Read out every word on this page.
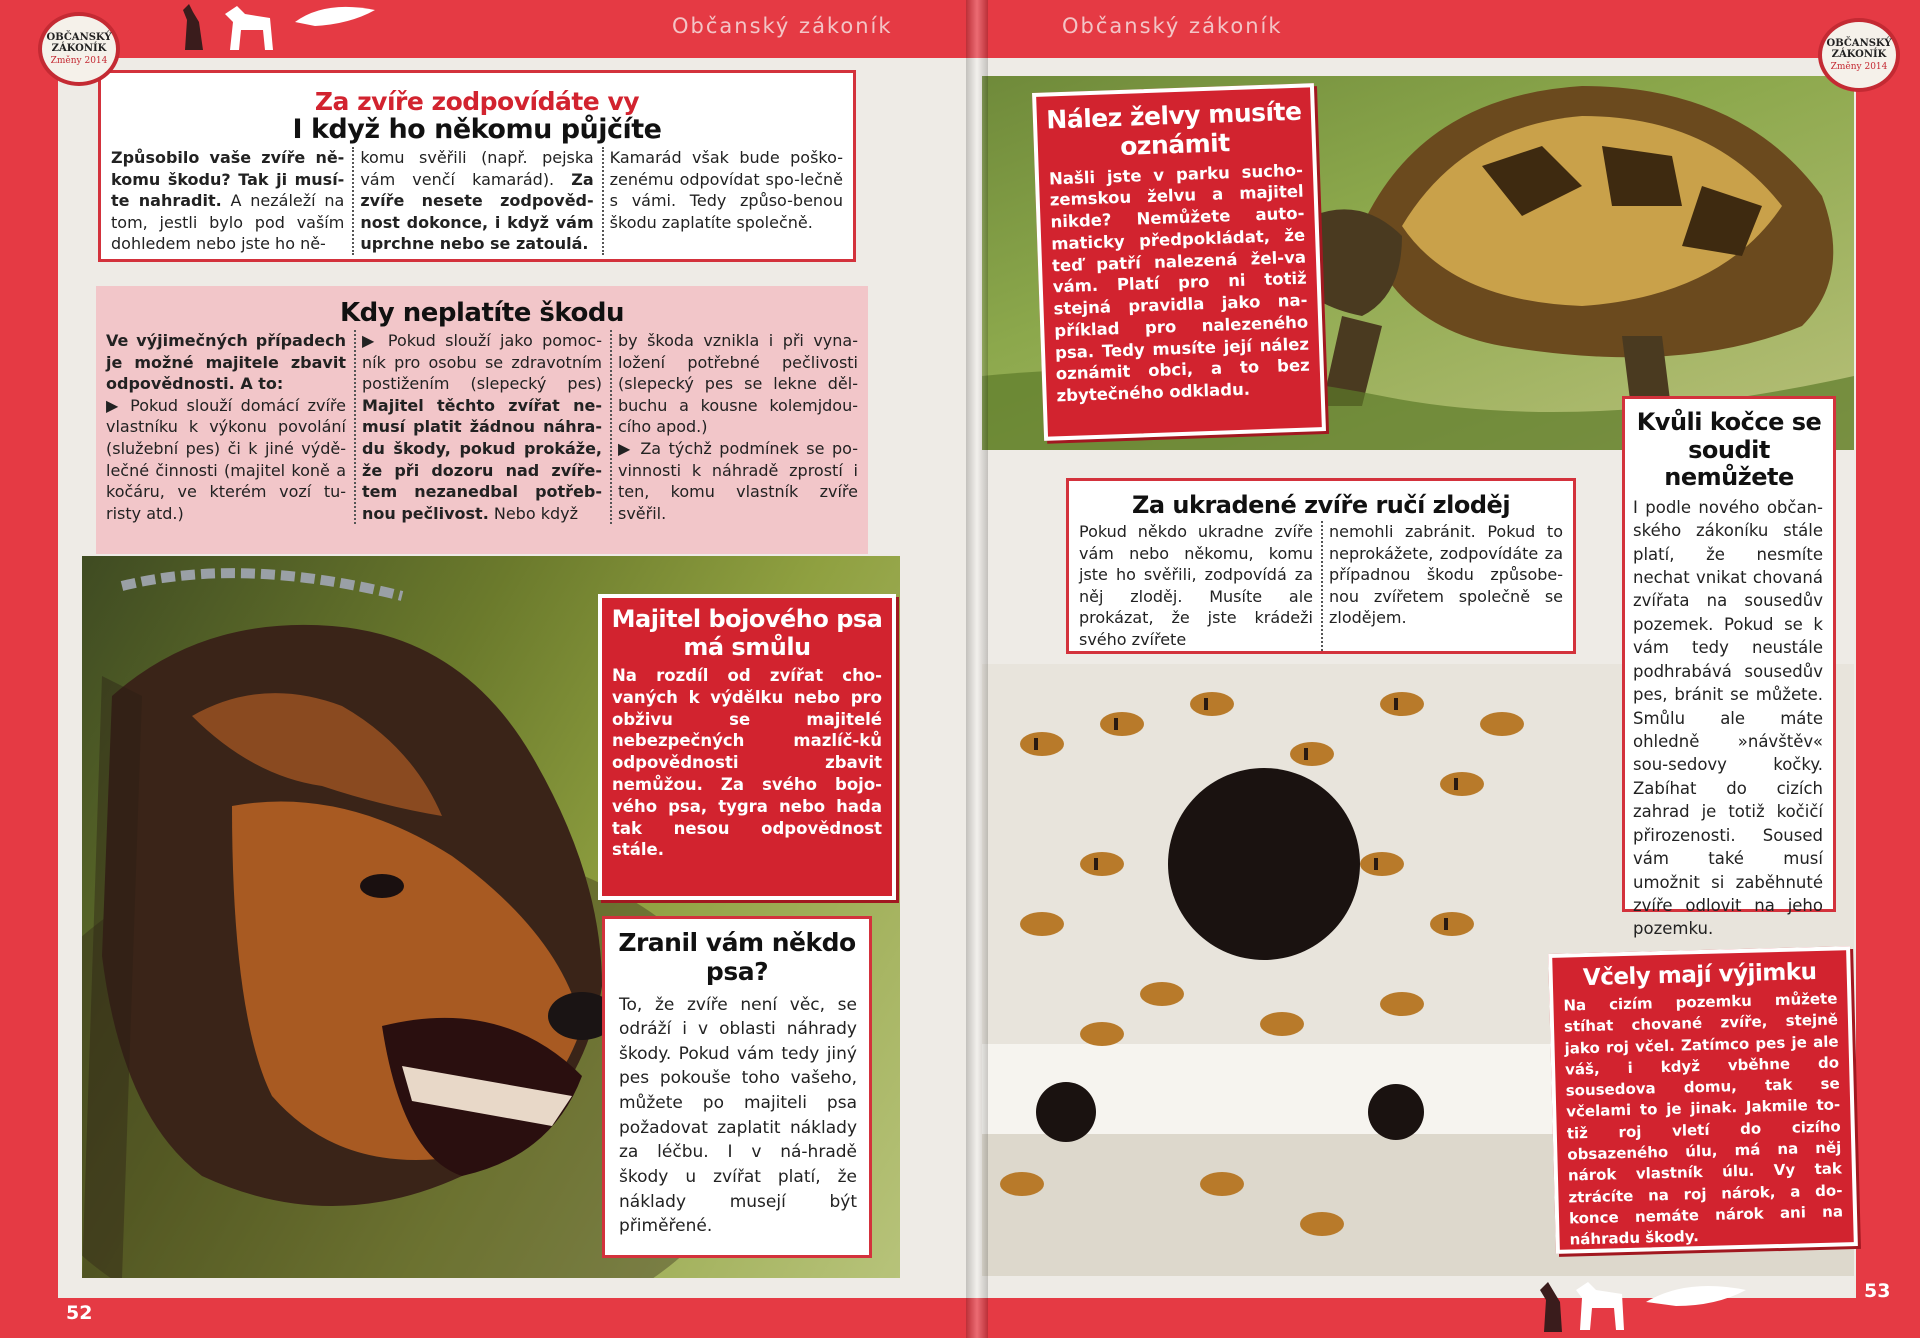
OBČANSKÝ
ZÁKONÍK
Změny 2014
Občanský zákoník
52
Za zvíře zodpovídáte vy
I když ho někomu půjčíte
Způsobilo vaše zvíře ně-komu škodu? Tak ji musí-te nahradit. A nezáleží na tom, jestli bylo pod vaším dohledem nebo jste ho ně-
komu svěřili (např. pejska vám venčí kamarád). Za zvíře nesete zodpověd-nost dokonce, i když vám uprchne nebo se zatoulá.
Kamarád však bude poško-zenému odpovídat spo-lečně s vámi. Tedy způso-benou škodu zaplatíte společně.
Kdy neplatíte škodu
Ve výjimečných případech je možné majitele zbavit odpovědnosti. A to:
▶ Pokud slouží domácí zvíře vlastníku k výkonu povolání (služební pes) či k jiné výdě-lečné činnosti (majitel koně a kočáru, ve kterém vozí tu-risty atd.)
▶ Pokud slouží jako pomoc-ník pro osobu se zdravotním postižením (slepecký pes) Majitel těchto zvířat ne-musí platit žádnou náhra-du škody, pokud prokáže, že při dozoru nad zvíře-tem nezanedbal potřeb-nou pečlivost. Nebo když
by škoda vznikla i při vyna-ložení potřebné pečlivosti (slepecký pes se lekne děl-buchu a kousne kolemjdou-cího apod.)
▶ Za týchž podmínek se po-vinnosti k náhradě zprostí i ten, komu vlastník zvíře svěřil.
Majitel bojového psa má smůlu
Na rozdíl od zvířat cho-vaných k výdělku nebo pro obživu se majitelé nebezpečných mazlíč-ků odpovědnosti zbavit nemůžou. Za svého bojo-vého psa, tygra nebo hada tak nesou odpovědnost stále.
Zranil vám někdo psa?
To, že zvíře není věc, se odráží i v oblasti náhrady škody. Pokud vám tedy jiný pes pokouše toho vašeho, můžete po majiteli psa požadovat zaplatit náklady za léčbu. I v ná-hradě škody u zvířat platí, že náklady musejí být přiměřené.
Občanský zákoník
OBČANSKÝ
ZÁKONÍK
Změny 2014
53
Nález želvy musíte oznámit
Našli jste v parku sucho-zemskou želvu a majitel nikde? Nemůžete auto-maticky předpokládat, že teď patří nalezená žel-va vám. Platí pro ni totiž stejná pravidla jako na-příklad pro nalezeného psa. Tedy musíte její nález oznámit obci, a to bez zbytečného odkladu.
Za ukradené zvíře ručí zloděj
Pokud někdo ukradne zvíře vám nebo někomu, komu jste ho svěřili, zodpovídá za něj zloděj. Musíte ale prokázat, že jste krádeži svého zvířete
nemohli zabránit. Pokud to neprokážete, zodpovídáte za případnou škodu způsobe-nou zvířetem společně se zlodějem.
Kvůli kočce se soudit nemůžete
I podle nového občan-ského zákoníku stále platí, že nesmíte nechat vnikat chovaná zvířata na sousedův pozemek. Pokud se k vám tedy neustále podhrabává sousedův pes, bránit se můžete. Smůlu ale máte ohledně »návštěv« sou-sedovy kočky. Zabíhat do cizích zahrad je totiž kočičí přirozenosti. Soused vám také musí umožnit si zaběhnuté zvíře odlovit na jeho pozemku.
Včely mají výjimku
Na cizím pozemku můžete stíhat chované zvíře, stejně jako roj včel. Zatímco pes je ale váš, i když vběhne do sousedova domu, tak se včelami to je jinak. Jakmile to-tiž roj vletí do cizího obsazeného úlu, má na něj nárok vlastník úlu. Vy tak ztrácíte na roj nárok, a do-konce nemáte nárok ani na náhradu škody.
